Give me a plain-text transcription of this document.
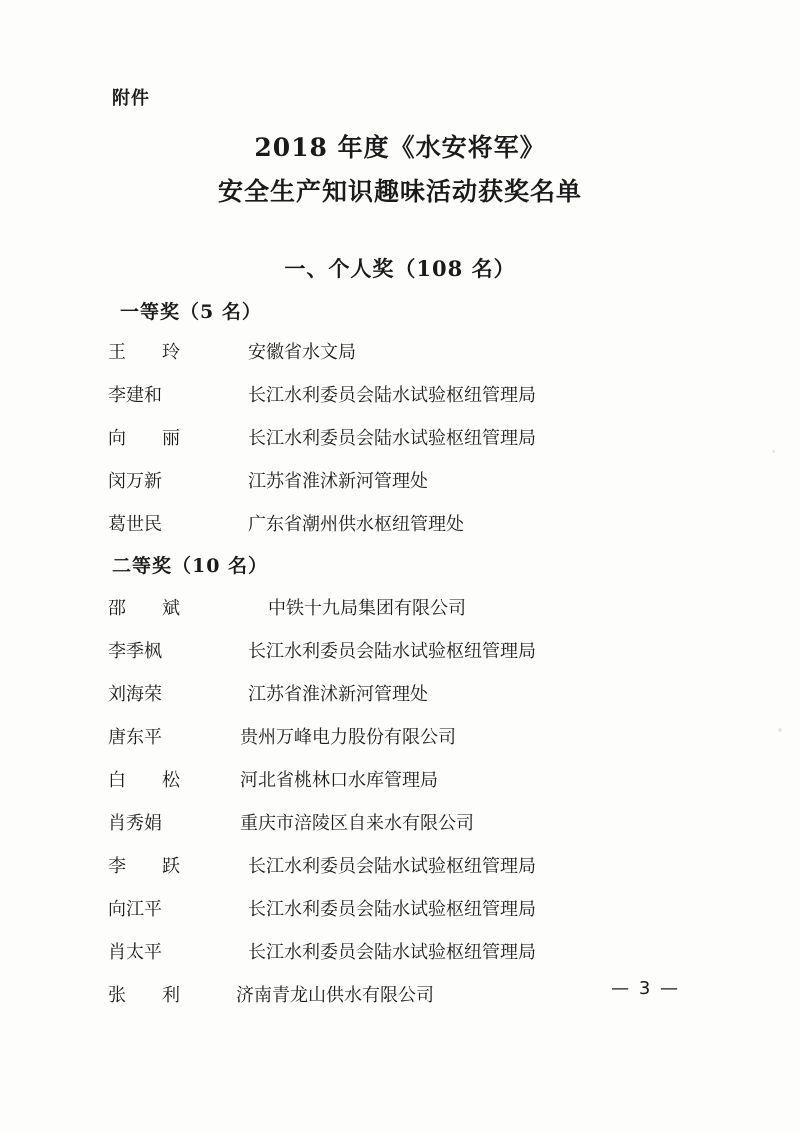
附件
2018 年度《水安将军》
安全生产知识趣味活动获奖名单
一、个人奖（108 名）
一等奖（5 名）
王　玲	安徽省水文局
李建和	长江水利委员会陆水试验枢纽管理局
向　丽	长江水利委员会陆水试验枢纽管理局
闵万新	江苏省淮沭新河管理处
葛世民	广东省潮州供水枢纽管理处
二等奖（10 名）
邵　斌	中铁十九局集团有限公司
李季枫	长江水利委员会陆水试验枢纽管理局
刘海荣	江苏省淮沭新河管理处
唐东平	贵州万峰电力股份有限公司
白　松	河北省桃林口水库管理局
肖秀娟	重庆市涪陵区自来水有限公司
李　跃	长江水利委员会陆水试验枢纽管理局
向江平	长江水利委员会陆水试验枢纽管理局
肖太平	长江水利委员会陆水试验枢纽管理局
张　利	济南青龙山供水有限公司	— 3 —
